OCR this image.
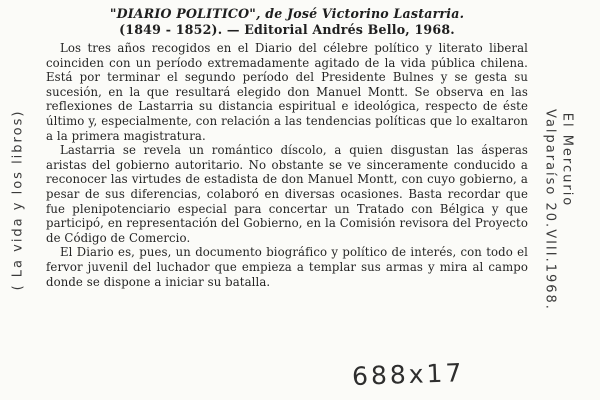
"DIARIO POLITICO", de José Victorino Lastarria.

(1849 - 1852). — Editorial Andrés Bello, 1968.

Los tres años recogidos en el Diario del célebre político y literato liberal coinciden con un período extremadamente agitado de la vida pública chilena. Está por terminar el segundo período del Presidente Bulnes y se gesta su sucesión, en la que resultará elegido don Manuel Montt. Se observa en las reflexiones de Lastarria su distancia espiritual e ideológica, respecto de éste último y, especialmente, con relación a las tendencias políticas que lo exaltaron a la primera magistratura.

Lastarria se revela un romántico díscolo, a quien disgustan las ásperas aristas del gobierno autoritario. No obstante se ve sinceramente conducido a reconocer las virtudes de estadista de don Manuel Montt, con cuyo gobierno, a pesar de sus diferencias, colaboró en diversas ocasiones. Basta recordar que fue plenipotenciario especial para concertar un Tratado con Bélgica y que participó, en representación del Gobierno, en la Comisión revisora del Proyecto de Código de Comercio.

El Diario es, pues, un documento biográfico y político de interés, con todo el fervor juvenil del luchador que empieza a templar sus armas y mira al campo donde se dispone a iniciar su batalla.

( La vida y los libros)	El Mercurio
Valparaíso 20.VIII.1968.
688x17
